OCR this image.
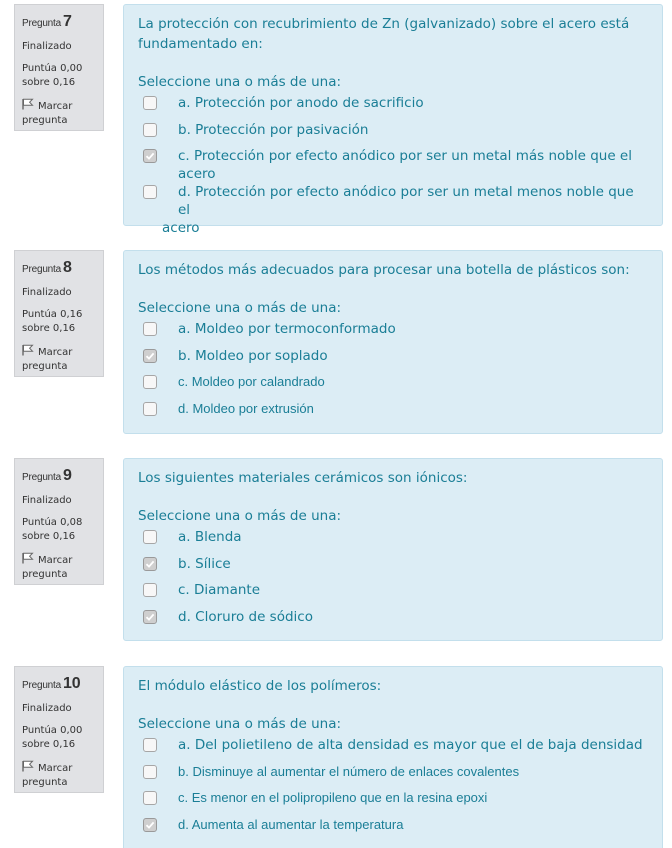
Pregunta 7
Finalizado
Puntúa 0,00
sobre 0,16
Marcar
pregunta
La protección con recubrimiento de Zn (galvanizado) sobre el acero está fundamentado en:
Seleccione una o más de una:
a. Protección por anodo de sacrificio
b. Protección por pasivación
c. Protección por efecto anódico por ser un metal más noble que el acero
d. Protección por efecto anódico por ser un metal menos noble que el
acero
Pregunta 8
Finalizado
Puntúa 0,16
sobre 0,16
Marcar
pregunta
Los métodos más adecuados para procesar una botella de plásticos son:
Seleccione una o más de una:
a. Moldeo por termoconformado
b. Moldeo por soplado
c. Moldeo por calandrado
d. Moldeo por extrusión
Pregunta 9
Finalizado
Puntúa 0,08
sobre 0,16
Marcar
pregunta
Los siguientes materiales cerámicos son iónicos:
Seleccione una o más de una:
a. Blenda
b. Sílice
c. Diamante
d. Cloruro de sódico
Pregunta 10
Finalizado
Puntúa 0,00
sobre 0,16
Marcar
pregunta
El módulo elástico de los polímeros:
Seleccione una o más de una:
a. Del polietileno de alta densidad es mayor que el de baja densidad
b. Disminuye al aumentar el número de enlaces covalentes
c. Es menor en el polipropileno que en la resina epoxi
d. Aumenta al aumentar la temperatura
